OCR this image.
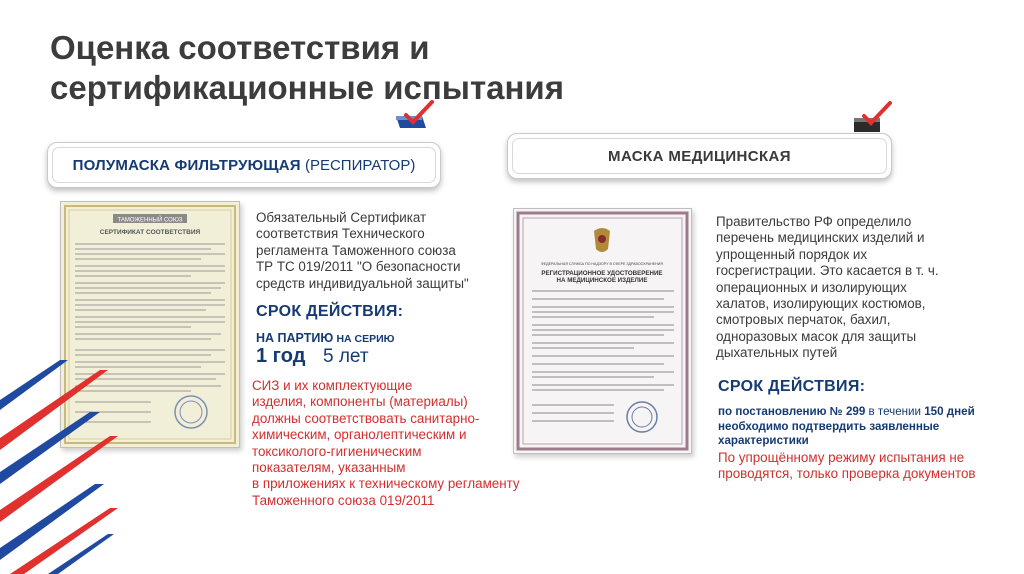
Оценка соответствия и
сертификационные испытания
ПОЛУМАСКА ФИЛЬТРУЮЩАЯ (РЕСПИРАТОР)
МАСКА МЕДИЦИНСКАЯ
ТАМОЖЕННЫЙ СОЮЗ
СЕРТИФИКАТ СООТВЕТСТВИЯ
ФЕДЕРАЛЬНАЯ СЛУЖБА ПО НАДЗОРУ В СФЕРЕ ЗДРАВООХРАНЕНИЯ
РЕГИСТРАЦИОННОЕ УДОСТОВЕРЕНИЕ
НА МЕДИЦИНСКОЕ ИЗДЕЛИЕ
Обязательный Сертификат
соответствия Технического
регламента Таможенного союза
ТР ТС 019/2011 "О безопасности
средств индивидуальной защиты"
СРОК ДЕЙСТВИЯ:
НА ПАРТИЮ НА СЕРИЮ
1 год 5 лет
СИЗ и их комплектующие
изделия, компоненты (материалы)
должны соответствовать санитарно-
химическим, органолептическим и
токсиколого-гигиеническим
показателям, указанным
в приложениях к техническому регламенту
Таможенного союза 019/2011
Правительство РФ определило
перечень медицинских изделий и
упрощенный порядок их
госрегистрации. Это касается в т. ч.
операционных и изолирующих
халатов, изолирующих костюмов,
смотровых перчаток, бахил,
одноразовых масок для защиты
дыхательных путей
СРОК ДЕЙСТВИЯ:
по постановлению № 299 в течении 150 дней
необходимо подтвердить заявленные
характеристики
По упрощённому режиму испытания не
проводятся, только проверка документов
